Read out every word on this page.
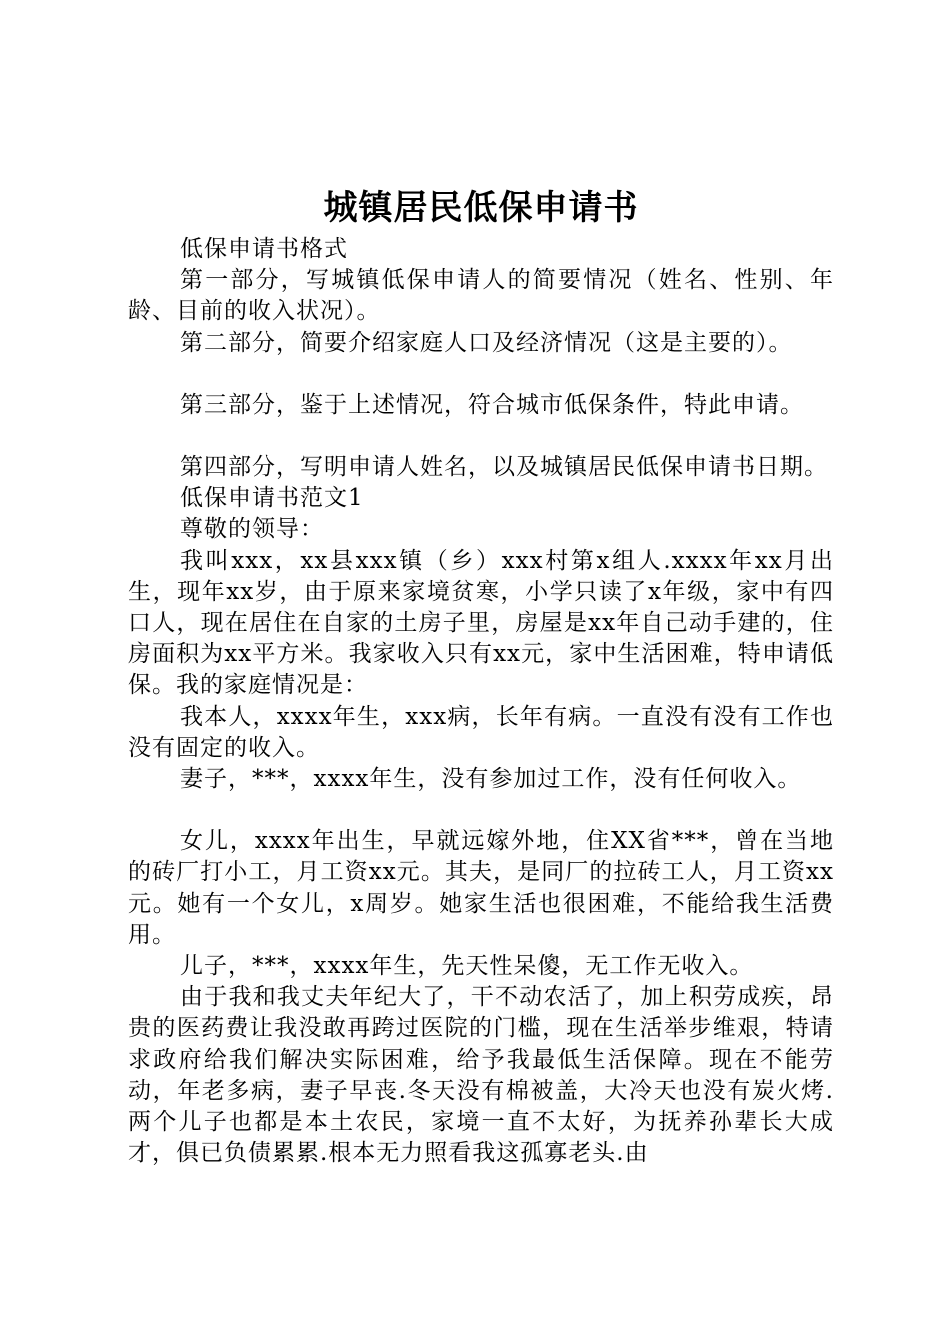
城镇居民低保申请书

低保申请书格式

第一部分，写城镇低保申请人的简要情况（姓名、性别、年龄、目前的收入状况）。

第二部分，简要介绍家庭人口及经济情况（这是主要的）。

第三部分，鉴于上述情况，符合城市低保条件，特此申请。

第四部分，写明申请人姓名，以及城镇居民低保申请书日期。

低保申请书范文1

尊敬的领导：

我叫xxx，xx县xxx镇（乡）xxx村第x组人.xxxx年xx月出生，现年xx岁，由于原来家境贫寒，小学只读了x年级，家中有四口人，现在居住在自家的土房子里，房屋是xx年自己动手建的，住房面积为xx平方米。我家收入只有xx元，家中生活困难，特申请低保。我的家庭情况是：

我本人，xxxx年生，xxx病，长年有病。一直没有没有工作也没有固定的收入。

妻子，***，xxxx年生，没有参加过工作，没有任何收入。

女儿，xxxx年出生，早就远嫁外地，住XX省***，曾在当地的砖厂打小工，月工资xx元。其夫，是同厂的拉砖工人，月工资xx元。她有一个女儿，x周岁。她家生活也很困难，不能给我生活费用。

儿子，***，xxxx年生，先天性呆傻，无工作无收入。

由于我和我丈夫年纪大了，干不动农活了，加上积劳成疾，昂贵的医药费让我没敢再跨过医院的门槛，现在生活举步维艰，特请求政府给我们解决实际困难，给予我最低生活保障。现在不能劳动，年老多病，妻子早丧.冬天没有棉被盖，大冷天也没有炭火烤.两个儿子也都是本土农民，家境一直不太好，为抚养孙辈长大成才，俱已负债累累.根本无力照看我这孤寡老头.由
